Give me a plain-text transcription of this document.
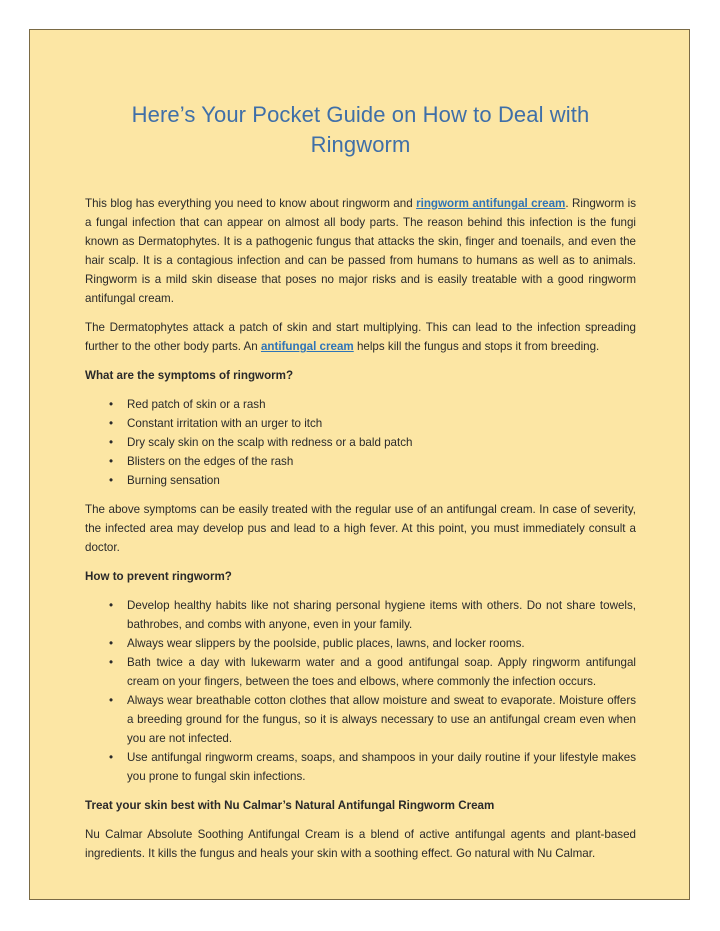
Here’s Your Pocket Guide on How to Deal with Ringworm

This blog has everything you need to know about ringworm and ringworm antifungal cream. Ringworm is a fungal infection that can appear on almost all body parts. The reason behind this infection is the fungi known as Dermatophytes. It is a pathogenic fungus that attacks the skin, finger and toenails, and even the hair scalp. It is a contagious infection and can be passed from humans to humans as well as to animals. Ringworm is a mild skin disease that poses no major risks and is easily treatable with a good ringworm antifungal cream.

The Dermatophytes attack a patch of skin and start multiplying. This can lead to the infection spreading further to the other body parts. An antifungal cream helps kill the fungus and stops it from breeding.

What are the symptoms of ringworm?

•	Red patch of skin or a rash
•	Constant irritation with an urger to itch
•	Dry scaly skin on the scalp with redness or a bald patch
•	Blisters on the edges of the rash
•	Burning sensation

The above symptoms can be easily treated with the regular use of an antifungal cream. In case of severity, the infected area may develop pus and lead to a high fever. At this point, you must immediately consult a doctor.

How to prevent ringworm?

•	Develop healthy habits like not sharing personal hygiene items with others. Do not share towels, bathrobes, and combs with anyone, even in your family.
•	Always wear slippers by the poolside, public places, lawns, and locker rooms.
•	Bath twice a day with lukewarm water and a good antifungal soap. Apply ringworm antifungal cream on your fingers, between the toes and elbows, where commonly the infection occurs.
•	Always wear breathable cotton clothes that allow moisture and sweat to evaporate. Moisture offers a breeding ground for the fungus, so it is always necessary to use an antifungal cream even when you are not infected.
•	Use antifungal ringworm creams, soaps, and shampoos in your daily routine if your lifestyle makes you prone to fungal skin infections.

Treat your skin best with Nu Calmar’s Natural Antifungal Ringworm Cream

Nu Calmar Absolute Soothing Antifungal Cream is a blend of active antifungal agents and plant-based ingredients. It kills the fungus and heals your skin with a soothing effect. Go natural with Nu Calmar.
